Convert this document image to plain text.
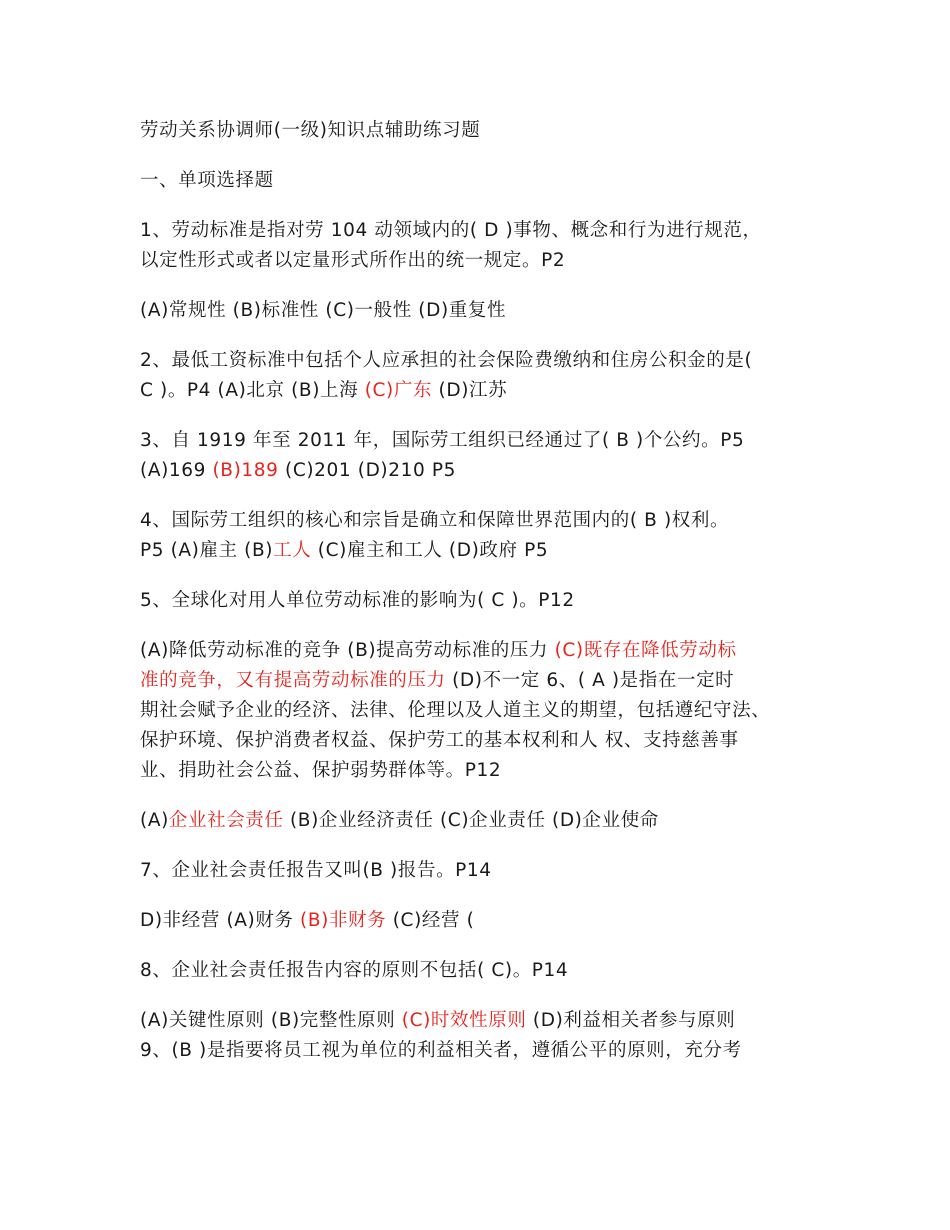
劳动关系协调师(一级)知识点辅助练习题
一、单项选择题
1、劳动标准是指对劳 104 动领域内的( D )事物、概念和行为进行规范，
以定性形式或者以定量形式所作出的统一规定。P2
(A)常规性 (B)标准性 (C)一般性 (D)重复性
2、最低工资标准中包括个人应承担的社会保险费缴纳和住房公积金的是(
C )。P4 (A)北京 (B)上海 (C)广东 (D)江苏
3、自 1919 年至 2011 年，国际劳工组织已经通过了( B )个公约。P5
(A)169 (B)189 (C)201 (D)210 P5
4、国际劳工组织的核心和宗旨是确立和保障世界范围内的( B )权利。
P5 (A)雇主 (B)工人 (C)雇主和工人 (D)政府 P5
5、全球化对用人单位劳动标准的影响为( C )。P12
(A)降低劳动标准的竞争 (B)提高劳动标准的压力 (C)既存在降低劳动标
准的竞争，又有提高劳动标准的压力 (D)不一定 6、( A )是指在一定时
期社会赋予企业的经济、法律、伦理以及人道主义的期望，包括遵纪守法、
保护环境、保护消费者权益、保护劳工的基本权利和人 权、支持慈善事
业、捐助社会公益、保护弱势群体等。P12
(A)企业社会责任 (B)企业经济责任 (C)企业责任 (D)企业使命
7、企业社会责任报告又叫(B )报告。P14
D)非经营 (A)财务 (B)非财务 (C)经营 (
8、企业社会责任报告内容的原则不包括( C)。P14
(A)关键性原则 (B)完整性原则 (C)时效性原则 (D)利益相关者参与原则
9、(B )是指要将员工视为单位的利益相关者，遵循公平的原则，充分考
